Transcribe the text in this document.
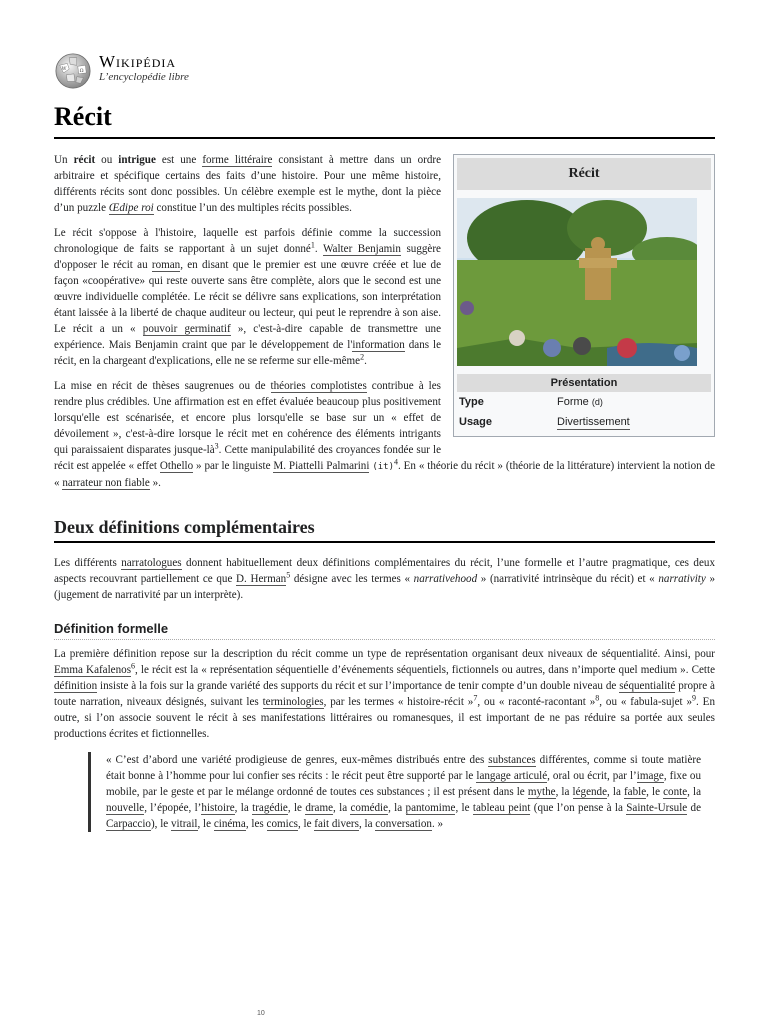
W	Ω
Wikipédia
L’encyclopédie libre
Récit
Récit
Présentation
Type	Forme (d)
Usage	Divertissement

Un récit ou intrigue est une forme littéraire consistant à mettre dans un ordre arbitraire et spécifique certains des faits d’une histoire. Pour une même histoire, différents récits sont donc possibles. Un célèbre exemple est le mythe, dont la pièce d’un puzzle Œdipe roi constitue l’un des multiples récits possibles.

Le récit s'oppose à l'histoire, laquelle est parfois définie comme la succession chronologique de faits se rapportant à un sujet donné$^1$. Walter Benjamin suggère d'opposer le récit au roman, en disant que le premier est une œuvre créée et lue de façon «coopérative» qui reste ouverte sans être complète, alors que le second est une œuvre individuelle complétée. Le récit se délivre sans explications, son interprétation étant laissée à la liberté de chaque auditeur ou lecteur, qui peut le reprendre à son aise. Le récit a un « pouvoir germinatif », c'est-à-dire capable de transmettre une expérience. Mais Benjamin craint que par le développement de l'information dans le récit, en la chargeant d'explications, elle ne se referme sur elle-même$^2$.

La mise en récit de thèses saugrenues ou de théories complotistes contribue à les rendre plus crédibles. Une affirmation est en effet évaluée beaucoup plus positivement lorsqu'elle est scénarisée, et encore plus lorsqu'elle se base sur un « effet de dévoilement », c'est-à-dire lorsque le récit met en cohérence des éléments intrigants qui paraissaient disparates jusque-$là^3$. Cette manipulabilité des croyances fondée sur le récit est appelée « effet Othello » par le linguiste M. Piattelli Palmarini (it)$^4$. En « théorie du récit » (théorie de la littérature) intervient la notion de « narrateur non fiable ».

Deux définitions complémentaires

Les différents narratologues donnent habituellement deux définitions complémentaires du récit, l’une formelle et l’autre pragmatique, ces deux aspects recouvrant partiellement ce que D. Herman$^5$ désigne avec les termes « narrativehood » (narrativité intrinsèque du récit) et « narrativity » (jugement de narrativité par un interprète).

Définition formelle

La première définition repose sur la description du récit comme un type de représentation organisant deux niveaux de séquentialité. Ainsi, pour Emma Kafalenos$^6$, le récit est la « représentation séquentielle d’événements séquentiels, fictionnels ou autres, dans n’importe quel medium ». Cette définition insiste à la fois sur la grande variété des supports du récit et sur l’importance de tenir compte d’un double niveau de séquentialité propre à toute narration, niveaux désignés, suivant les terminologies, par les termes « histoire-récit »$^7$, ou « raconté-racontant »$^8$, ou « fabula-sujet »$^9$. En outre, si l’on associe souvent le récit à ses manifestations littéraires ou romanesques, il est important de ne pas réduire sa portée aux seules productions écrites et fictionnelles.

« C’est d’abord une variété prodigieuse de genres, eux-mêmes distribués entre des substances différentes, comme si toute matière était bonne à l’homme pour lui confier ses récits : le récit peut être supporté par le langage articulé, oral ou écrit, par l’image, fixe ou mobile, par le geste et par le mélange ordonné de toutes ces substances ; il est présent dans le mythe, la légende, la fable, le conte, la nouvelle, l’épopée, l’histoire, la tragédie, le drame, la comédie, la pantomime, le tableau peint (que l’on pense à la Sainte-Ursule de Carpaccio), le vitrail, le cinéma, les comics, le fait divers, la conversation. »
10
